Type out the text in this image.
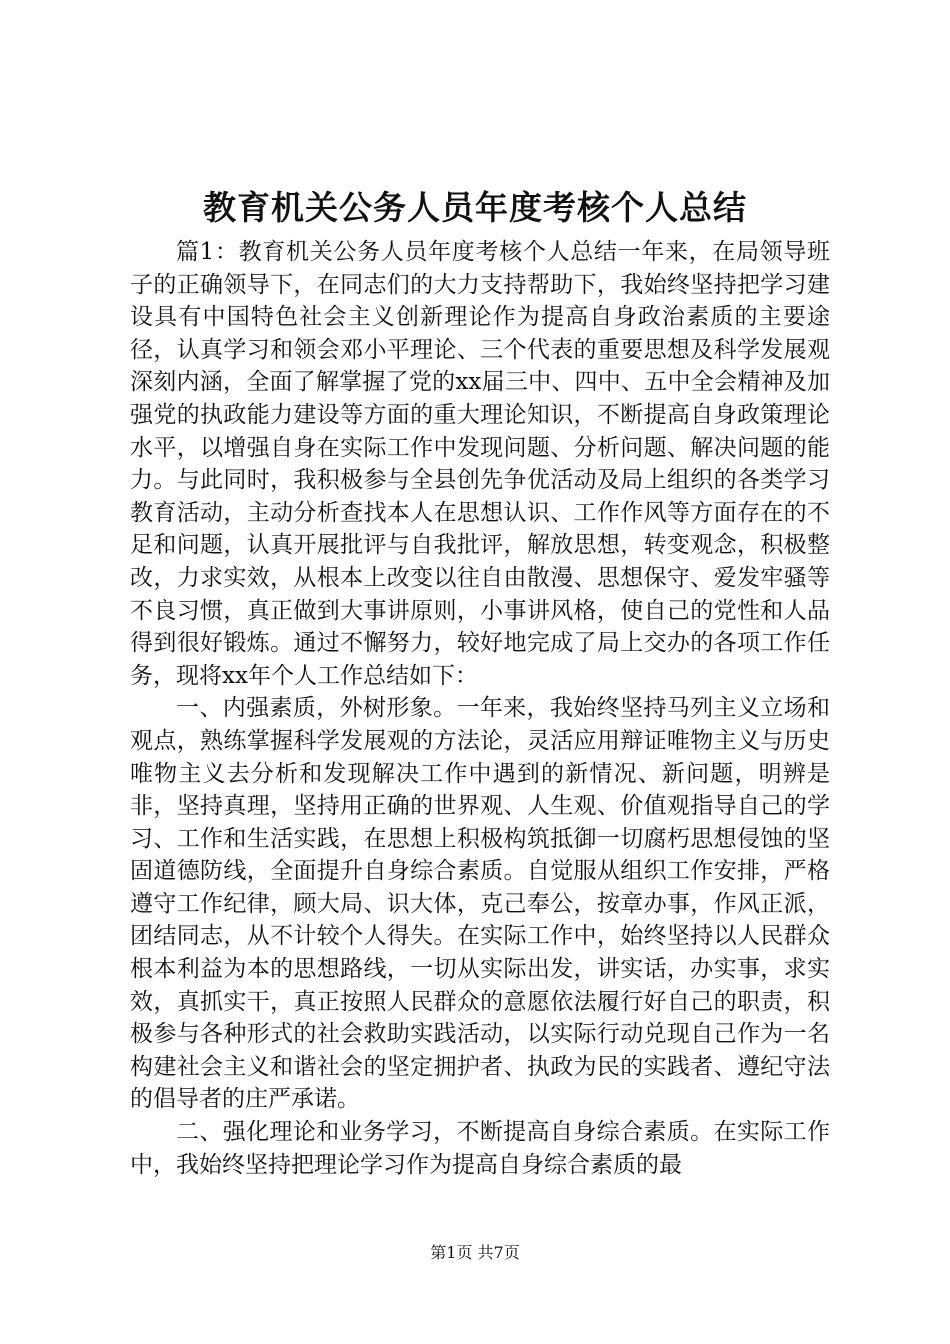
教育机关公务人员年度考核个人总结

篇1：教育机关公务人员年度考核个人总结一年来，在局领导班子的正确领导下，在同志们的大力支持帮助下，我始终坚持把学习建设具有中国特色社会主义创新理论作为提高自身政治素质的主要途径，认真学习和领会邓小平理论、三个代表的重要思想及科学发展观深刻内涵，全面了解掌握了党的xx届三中、四中、五中全会精神及加强党的执政能力建设等方面的重大理论知识，不断提高自身政策理论水平，以增强自身在实际工作中发现问题、分析问题、解决问题的能力。与此同时，我积极参与全县创先争优活动及局上组织的各类学习教育活动，主动分析查找本人在思想认识、工作作风等方面存在的不足和问题，认真开展批评与自我批评，解放思想，转变观念，积极整改，力求实效，从根本上改变以往自由散漫、思想保守、爱发牢骚等不良习惯，真正做到大事讲原则，小事讲风格，使自己的党性和人品得到很好锻炼。通过不懈努力，较好地完成了局上交办的各项工作任务，现将xx年个人工作总结如下：

一、内强素质，外树形象。一年来，我始终坚持马列主义立场和观点，熟练掌握科学发展观的方法论，灵活应用辩证唯物主义与历史唯物主义去分析和发现解决工作中遇到的新情况、新问题，明辨是非，坚持真理，坚持用正确的世界观、人生观、价值观指导自己的学习、工作和生活实践，在思想上积极构筑抵御一切腐朽思想侵蚀的坚固道德防线，全面提升自身综合素质。自觉服从组织工作安排，严格遵守工作纪律，顾大局、识大体，克己奉公，按章办事，作风正派，团结同志，从不计较个人得失。在实际工作中，始终坚持以人民群众根本利益为本的思想路线，一切从实际出发，讲实话，办实事，求实效，真抓实干，真正按照人民群众的意愿依法履行好自己的职责，积极参与各种形式的社会救助实践活动，以实际行动兑现自己作为一名构建社会主义和谐社会的坚定拥护者、执政为民的实践者、遵纪守法的倡导者的庄严承诺。

二、强化理论和业务学习，不断提高自身综合素质。在实际工作中，我始终坚持把理论学习作为提高自身综合素质的最

第1页 共7页
